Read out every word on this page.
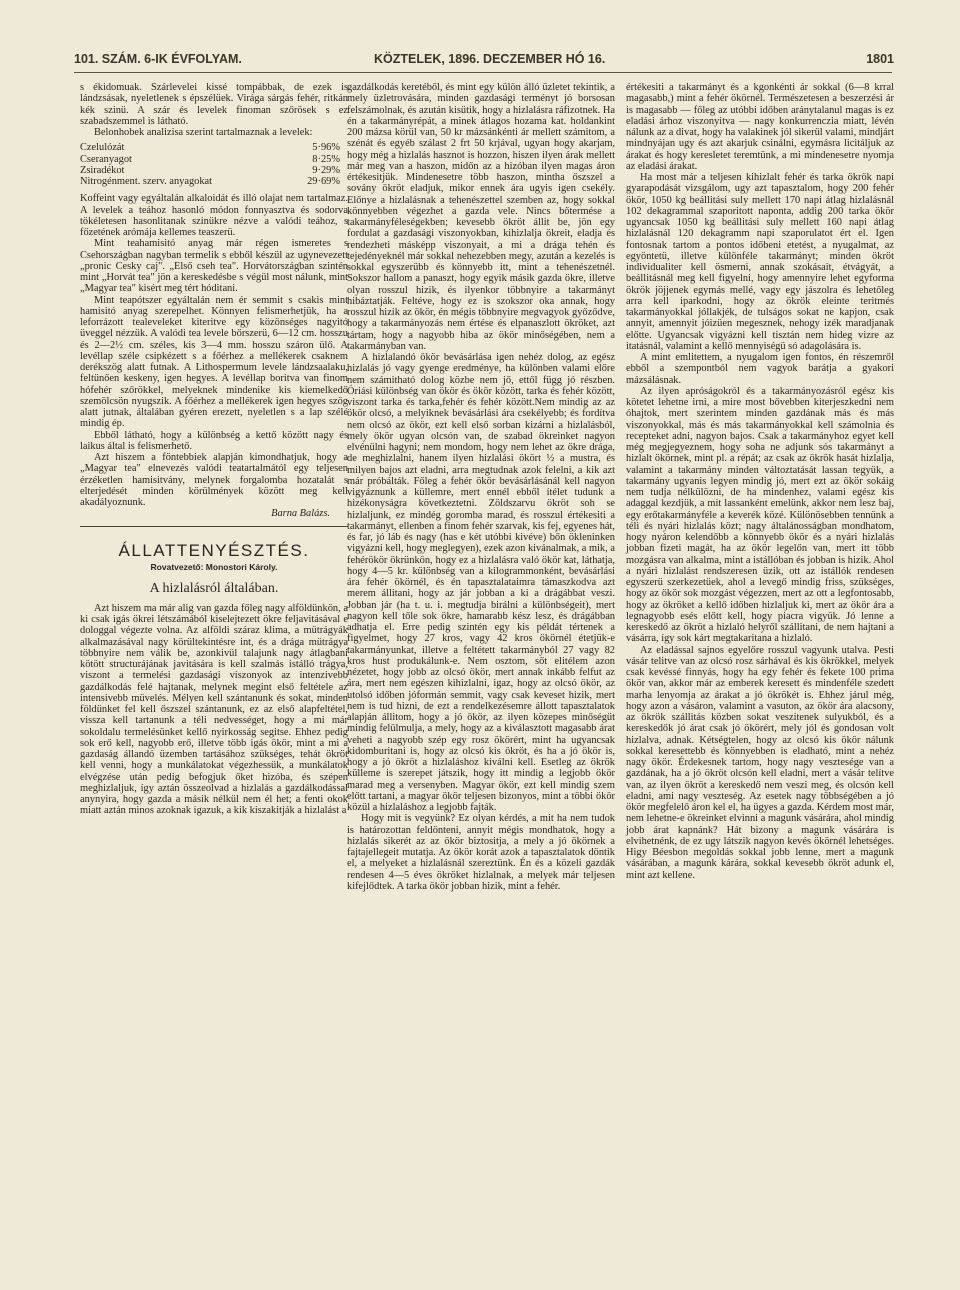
101. SZÁM. 6-IK ÉVFOLYAM.	KÖZTELEK, 1896. DECZEMBER HÓ 16.	1801

s ékidomuak. Szárlevelei kissé tompábbak, de ezek is lándzsásak, nyeletlenek s épszélüek. Virága sárgás fehér, ritkán kék szinü. A szár és levelek finoman szőrösek s ez szabadszemmel is látható.

Belonhobek analizisa szerint tartalmaznak a levelek:

Czelulózát	5·96%
Cseranyagot	8·25%
Zsiradékot	9·29%
Nitrogénment. szerv. anyagokat	29·69%

Koffeint vagy egyáltalán alkaloidát és illó olajat nem tartalmaz. A levelek a teához hasonló módon fonnyasztva és sodorva tökéletesen hasonlitanak szinükre nézve a valódi teához, s főzetének arómája kellemes teaszerü.

Mint teahamisitó anyag már régen ismeretes s Csehországban nagyban termelik s ebből készül az ugynevezett „pronic Cesky caj". „Első cseh tea". Horvátországban szintén mint „Horvát tea" jön a kereskedésbe s végül most nálunk, mint „Magyar tea" kisért meg tért hóditani.

Mint teapótszer egyáltalán nem ér semmit s csakis mint hamisitó anyag szerepelhet. Könnyen felismerhetjük, ha a leforrázott tealeveleket kiteritve egy közönséges nagyitó üveggel nézzük. A valódi tea levele bőrszerü, 6—12 cm. hosszu és 2—2½ cm. széles, kis 3—4 mm. hosszu száron ülő. A levéllap széle csipkézett s a főérhez a mellékerek csaknem derékszög alatt futnak. A Lithospermum levele lándzsaalaku, feltünően keskeny, igen hegyes. A levéllap boritva van finom hófehér szőrökkel, melyeknek mindenike kis kiemelkedő szemölcsön nyugszik. A főérhez a mellékerek igen hegyes szög alatt jutnak, általában gyéren erezett, nyeletlen s a lap szélé mindig ép.

Ebből látható, hogy a különbség a kettő között nagy és laikus által is felismerhető.

Azt hiszem a föntebbiek alapján kimondhatjuk, hogy a „Magyar tea" elnevezés valódi teatartalmától egy teljesen érzéketlen hamisitvány, melynek forgalomba hozatalát s elterjedését minden körülmények között meg kell akadályoznunk.

Barna Balázs.
ÁLLATTENYÉSZTÉS.
Rovatvezető: Monostori Károly.
A hizlalásról általában.

Azt hiszem ma már alig van gazda főleg nagy alföldünkön, a ki csak igás ökrei létszámából kiselejtezett ökre feljavitásával e dologgal végezte volna. Az alföldi száraz klima, a mütrágyák alkalmazásával nagy körültekintésre int, és a drága mütrágya többnyire nem válik be, azonkivül talajunk nagy átlagbani kötött structurájának javitására is kell szalmás istálló trágya, viszont a termelési gazdasági viszonyok az intenzivebb gazdálkodás felé hajtanak, melynek megint első feltétele az intensivebb müvelés. Mélyen kell szántanunk és sokat, minden földünket fel kell őszszel szántanunk, ez az első alapfeltétel, vissza kell tartanunk a téli nedvességet, hogy a mi már sokoldalu termelésünket kellő nyirkosság segitse. Ehhez pedig sok erő kell, nagyobb erő, illetve több igás ökör, mint a mi a gazdaság állandó üzemben tartásához szükséges, tehát ökröt kell venni, hogy a munkálatokat végezhessük, a munkálatok elvégzése után pedig befogjuk őket hizóba, és szépen meghizlaljuk, így aztán összeolvad a hizlalás a gazdálkodással anynyira, hogy gazda a másik nélkül nem él het; a fenti okok miatt aztán minos azoknak igazuk, a kik kiszakitják a hizlalást a

gazdálkodás keretéből, és mint egy külön álló üzletet tekintik, a mely üzletrovására, minden gazdasági terményt jó borsosan felszámolnak, és azután kisütik, hogy a hizlalásra ráfizotnek. Ha én a takarmányrépát, a minek átlagos hozama kat. holdankint 200 mázsa körül van, 50 kr mázsánkénti ár mellett számitom, a szénát és egyéb szálast 2 frt 50 krjával, ugyan hogy akarjam, hogy még a hizlalás hasznot is hozzon, hiszen ilyen árak mellett már meg van a haszon, midőn az a hizóban ilyen magas áron értékesitjük. Mindenesetre több haszon, mintha őszszel a sovány ökröt eladjuk, mikor ennek ára ugyis igen csekély. Előnye a hizlalásnak a tehenészettel szemben az, hogy sokkal könnyebben végezhet a gazda vele. Nincs bőtermése a takarmányféleségekben; kevesebb ökröt állit be, jön egy fordulat a gazdasági viszonyokban, kihizlalja ökreit, eladja és rendezheti másképp viszonyait, a mi a drága tehén és tejedényeknél már sokkal nehezebben megy, azután a kezelés is sokkal egyszerübb és könnyebb itt, mint a tehenészetnél. Sokszor hallom a panaszt, hogy egyik másik gazda ökre, illetve olyan rosszul hizik, és ilyenkor többnyire a takarmányt hibáztatják. Feltéve, hogy ez is szokszor oka annak, hogy rosszul hizik az ökör, én mégis többnyire megvagyok győződve, hogy a takarmányozás nem értése és elpanaszlott ökröket, azt tártam, hogy a nagyobb hiba az ökör minőségében, nem a takarmányban van.

A hizlalandó ökör bevásárlása igen nehéz dolog, az egész hizlalás jó vagy gyenge eredménye, ha különben valami előre nem számitható dolog közbe nem jő, ettől függ jó részben. Óriási különbség van ökör és ökör között, tarka és fehér között, viszont tarka és tarka,fehér és fehér között.Nem mindig az az ökör olcsó, a melyiknek bevásárlási ára csekélyebb; és fordítva nem olcsó az ökör, ezt kell első sorban kizárni a hizlalásból, mely ökör ugyan olcsón van, de szabad ökreinket nagyon elvénülni hagyni; nem mondom, hogy nem lehet az ökre drága, de meghizlalni, hanem ilyen hizlalási ökört ½ a mustra, és milyen bajos azt eladni, arra megtudnak azok felelni, a kik azt már próbálták. Főleg a fehér ökör bevásárlásánál kell nagyon vigyáznunk a küllemre, mert ennél ebből ítélet tudunk a hizékonyságra következtetni. Zöldszarvu ökröt soh se hizlaljunk, ez mindég goromba marad, és rosszul értékesiti a takarmányt, ellenben a finom fehér szarvak, kis fej, egyenes hát, és far, jó láb és nagy (has e két utóbbi kivéve) bőn ökleninken vigyázni kell, hogy meglegyen), ezek azon kivánalmak, a mik, a fehérökör ökrünkön, hogy ez a hizlalásra való ökör kat, láthatja, hogy 4—5 kr. különbség van a kilogrammonként, bevásárlási ára fehér ökörnél, és én tapasztalataimra támaszkodva azt merem állitani, hogy az jár jobban a ki a drágábbat veszi. Jobban jár (ha t. u. i. megtudja birálni a különbségeit), mert nagyon kell tőle sok ökre, hamarabb kész lesz, és drágábban adhatja el. Erre pedig szintén egy kis példát tértenek a figyelmet, hogy 27 kros, vagy 42 kros ökörnél étetjük-e takarmányunkat, illetve a feltétett takarmányból 27 vagy 82 kros hust produkálunk-e. Nem osztom, sőt elitélem azon nézetet, hogy jobb az olcsó ökör, mert annak inkább felfut az ára, mert nem egészen kihizlalni, igaz, hogy az olcsó ökör, az utolsó időben jóformán semmit, vagy csak keveset hizik, mert nem is tud hizni, de ezt a rendelkezésemre állott tapasztalatok alapján állitom, hogy a jó ökör, az ilyen közepes minőségüt mindig felülmulja, a mely, hogy az a kiválasztott magasabb árat veheti a nagyobb szép egy rosz ökörért, mint ha ugyancsak kidomburitani is, hogy az olcsó kis ökröt, és ha a jó ökör is, hogy a jó ökröt a hizlaláshoz kiválni kell. Esetleg az ökrök külleme is szerepet játszik, hogy itt mindig a legjobb ökör marad meg a versenyben. Magyar ökör, ezt kell mindig szem előtt tartani, a magyar ökör teljesen bizonyos, mint a többi ökör közül a hizlaláshoz a legjobb fajták.

Hogy mit is vegyünk? Ez olyan kérdés, a mit ha nem tudok is határozottan feldönteni, annyit mégis mondhatok, hogy a hizlalás sikerét az az ökör biztositja, a mely a jó ökörnek a fajtajellegeit mutatja. Az ökör korát azok a tapasztalatok döntik el, a melyeket a hizlalásnál szereztünk. Én és a közeli gazdák rendesen 4—5 éves ökröket hizlalnak, a melyek már teljesen kifejlődtek. A tarka ökör jobban hizik, mint a fehér.

értékesiti a takarmányt és a kgonkénti ár sokkal (6—8 krral magasabb,) mint a fehér ökörnél. Természetesen a beszerzési ár is magasabb — főleg az utóbbi időben aránytalanul magas is ez eladási árhoz viszonyitva — nagy konkurrenczia miatt, lévén nálunk az a divat, hogy ha valakinek jól sikerül valami, mindjárt mindnyájan ugy és azt akarjuk csinálni, egymásra licitáljuk az árakat és hogy keresletet teremtünk, a mi mindenesetre nyomja az eladási árakat.

Ha most már a teljesen kihizlalt fehér és tarka ökrök napi gyarapodását vizsgálom, ugy azt tapasztalom, hogy 200 fehér ökör, 1050 kg beállitási suly mellett 170 napi átlag hizlalásnál 102 dekagrammal szaporitott naponta, addig 200 tarka ökör ugyancsak 1050 kg beállitási suly mellett 160 napi átlag hizlalásnál 120 dekagramm napi szaporulatot ért el. Igen fontosnak tartom a pontos időbeni etetést, a nyugalmat, az egyöntetü, illetve különféle takarmányt; minden ökröt individualiter kell ösmerni, annak szokásait, étvágyát, a beállitásnál meg kell figyelni, hogy amennyire lehet egyforma ökrök jöjjenek egymás mellé, vagy egy jászolra és lehetőleg arra kell iparkodni, hogy az ökrök eleinte teritmés takarmányokkal jóllakjék, de tulságos sokat ne kapjon, csak annyit, amennyit jóizüen megesznek, nehogy izék maradjanak előtte. Ugyancsak vigyázni kell tisztán nem hideg vizre az itatásnál, valamint a kellő mennyiségü só adagolására is.

A mint emlitettem, a nyugalom igen fontos, én részemről ebből a szempontból nem vagyok barátja a gyakori mázsálásnak.

Az ilyen apróságokról és a takarmányozásról egész kis kötetet lehetne irni, a mire most bővebben kiterjeszkedni nem óhajtok, mert szerintem minden gazdának más és más viszonyokkal, más és más takarmányokkal kell számolnia és recepteket adni, nagyon bajos. Csak a takarmányhoz egyet kell még megjegyeznem, hogy soha ne adjunk sós takarmányt a hizlalt ökörnek, mint pl. a répát; az csak az ökrök hasát hizlalja, valamint a takarmány minden változtatását lassan tegyük, a takarmány ugyanis legyen mindig jó, mert ezt az ökör sokáig nem tudja nélkülözni, de ha mindenhez, valami egész kis adaggal kezdjük, a mit lassanként emelünk, akkor nem lesz baj, egy erőtakarmányféle a keverék közé. Különösebben tennünk a téli és nyári hizlalás közt; nagy általánosságban mondhatom, hogy nyáron kelendőbb a könnyebb ökör és a nyári hizlalás jobban fizeti magát, ha az ökör legelőn van, mert itt több mozgásra van alkalma, mint a istállóban és jobban is hizik. Ahol a nyári hizlalást rendszeresen üzik, ott az istállók rendesen egyszerü szerkezetüek, ahol a levegő mindig friss, szükséges, hogy az ökör sok mozgást végezzen, mert az ott a legfontosabb, hogy az ökröket a kellő időben hizlaljuk ki, mert az ökör ára a legnagyobb esés előtt kell, hogy piacra vigyük. Jó lenne a kereskedő az ökröt a hizlaló helyről szállitani, de nem hajtani a vásárra, így sok kárt megtakaritana a hizlaló.

Az eladással sajnos egyelőre rosszul vagyunk utalva. Pesti vásár telitve van az olcsó rosz sárhával és kis ökrökkel, melyek csak kevéssé finnyás, hogy ha egy fehér és fekete 100 prima ökör van, akkor már az emberek keresett és mindenféle szedett marha lenyomja az árakat a jó ökrökét is. Ehhez járul még, hogy azon a vásáron, valamint a vasuton, az ökör ára alacsony, az ökrök szállitás közben sokat veszitenek sulyukból, és a kereskedők jó árat csak jó ökörért, mely jól és gondosan volt hizlalva, adnak. Kétségtelen, hogy az olcsó kis ökör nálunk sokkal keresettebb és könnyebben is eladható, mint a nehéz nagy ökör. Érdekesnek tartom, hogy nagy vesztesége van a gazdának, ha a jó ökröt olcsón kell eladni, mert a vásár telítve van, az ilyen ökröt a kereskedő nem veszi meg, és olcsón kell eladni, ami nagy veszteség. Az esetek nagy többségében a jó ökör megfelelő áron kel el, ha ügyes a gazda. Kérdem most már, nem lehetne-e ökreinket elvinni a magunk vásárára, ahol mindig jobb árat kapnánk? Hát bizony a magunk vásárára is elvihetnénk, de ez ugy látszik nagyon kevés ökörnél lehetséges. Higy Béesbon megoldás sokkal jobb lenne, mert a magunk vásárában, a magunk kárára, sokkal kevesebb ökröt adunk el, mint azt kellene.
